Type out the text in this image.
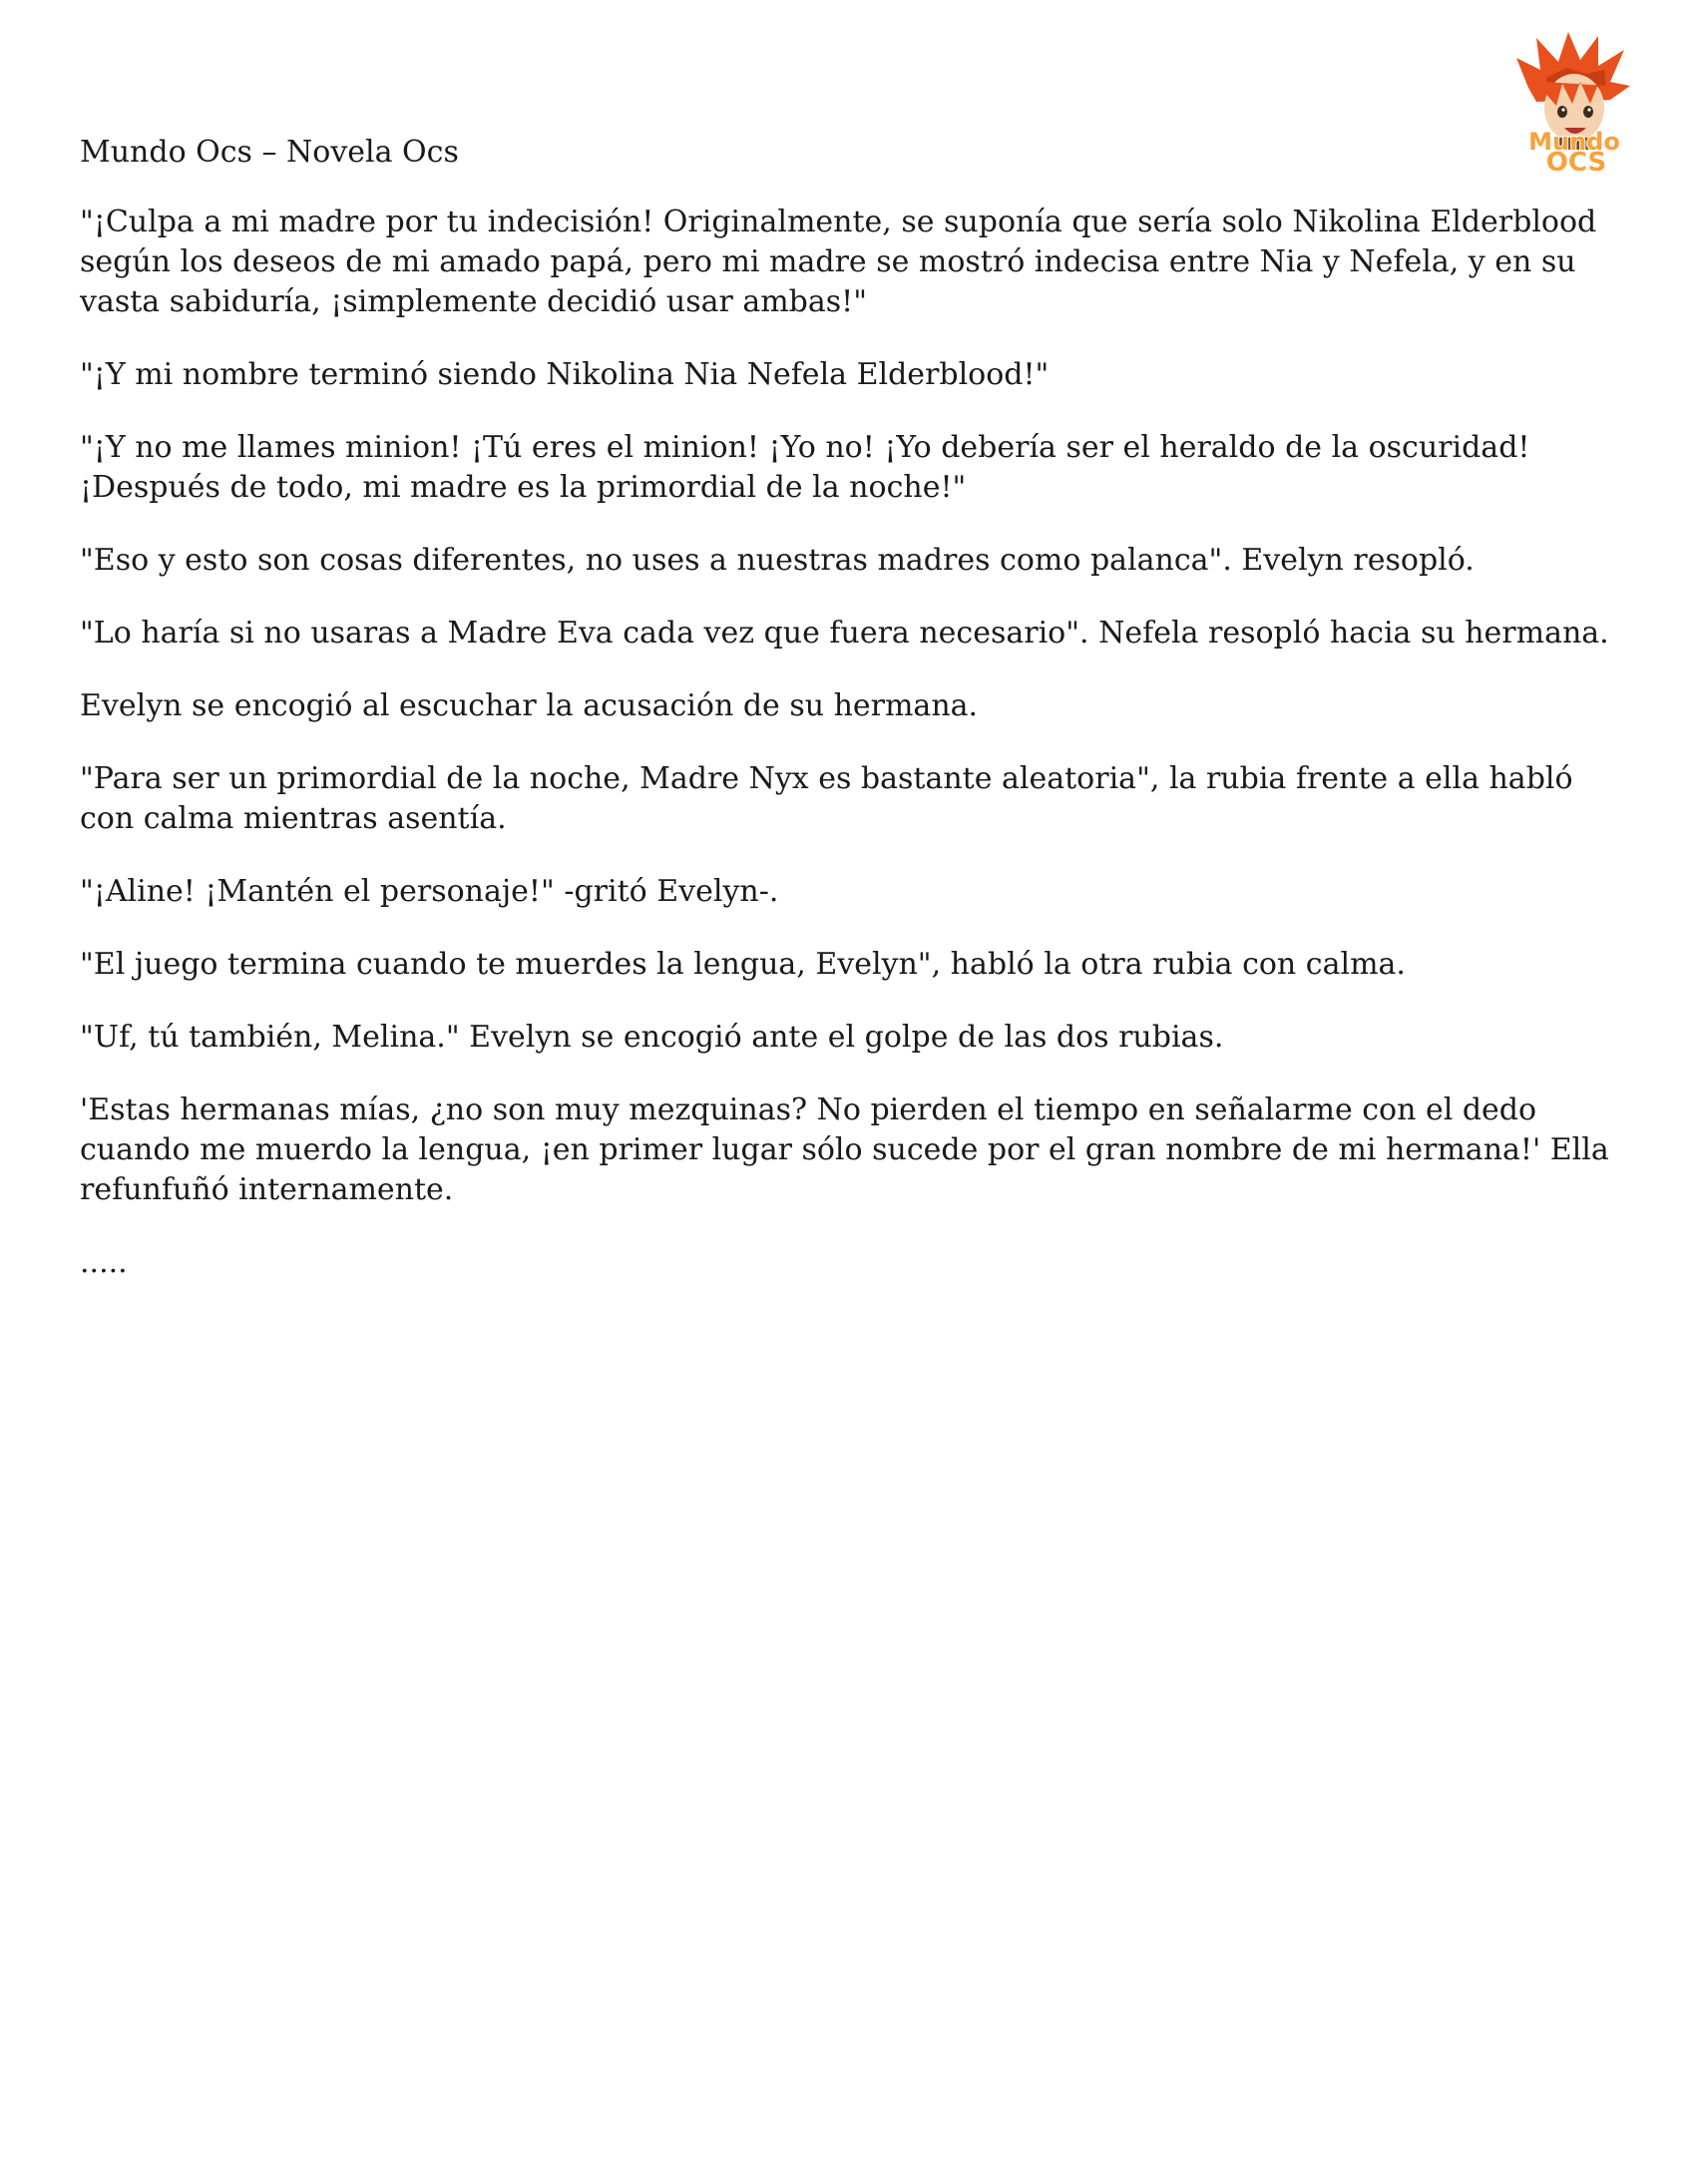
Mundo
OCS

Mundo Ocs – Novela Ocs

"¡Culpa a mi madre por tu indecisión! Originalmente, se suponía que sería solo Nikolina Elderblood según los deseos de mi amado papá, pero mi madre se mostró indecisa entre Nia y Nefela, y en su vasta sabiduría, ¡simplemente decidió usar ambas!"

"¡Y mi nombre terminó siendo Nikolina Nia Nefela Elderblood!"

"¡Y no me llames minion! ¡Tú eres el minion! ¡Yo no! ¡Yo debería ser el heraldo de la oscuridad! ¡Después de todo, mi madre es la primordial de la noche!"

"Eso y esto son cosas diferentes, no uses a nuestras madres como palanca". Evelyn resopló.

"Lo haría si no usaras a Madre Eva cada vez que fuera necesario". Nefela resopló hacia su hermana.

Evelyn se encogió al escuchar la acusación de su hermana.

"Para ser un primordial de la noche, Madre Nyx es bastante aleatoria", la rubia frente a ella habló con calma mientras asentía.

"¡Aline! ¡Mantén el personaje!" -gritó Evelyn-.

"El juego termina cuando te muerdes la lengua, Evelyn", habló la otra rubia con calma.

"Uf, tú también, Melina." Evelyn se encogió ante el golpe de las dos rubias.

'Estas hermanas mías, ¿no son muy mezquinas? No pierden el tiempo en señalarme con el dedo cuando me muerdo la lengua, ¡en primer lugar sólo sucede por el gran nombre de mi hermana!' Ella refunfuñó internamente.

.....
